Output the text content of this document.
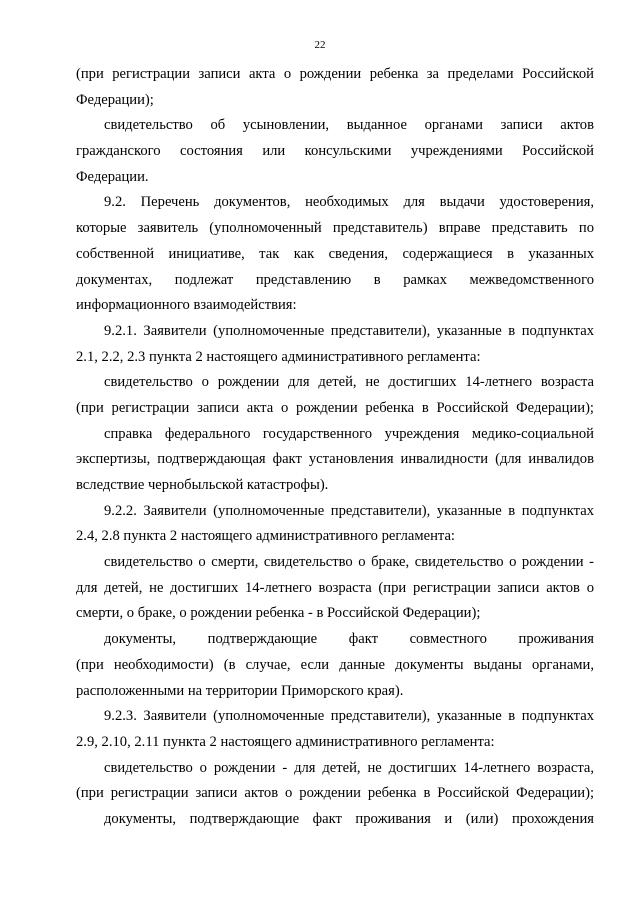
22
(при регистрации записи акта о рождении ребенка за пределами Российской
Федерации);
свидетельство об усыновлении, выданное органами записи актов
гражданского состояния или консульскими учреждениями Российской
Федерации.
9.2. Перечень документов, необходимых для выдачи удостоверения,
которые заявитель (уполномоченный представитель) вправе представить по
собственной инициативе, так как сведения, содержащиеся в указанных
документах, подлежат представлению в рамках межведомственного
информационного взаимодействия:
9.2.1. Заявители (уполномоченные представители), указанные в подпунктах
2.1, 2.2, 2.3 пункта 2 настоящего административного регламента:
свидетельство о рождении для детей, не достигших 14-летнего возраста
(при регистрации записи акта о рождении ребенка в Российской Федерации);
справка федерального государственного учреждения медико-социальной
экспертизы, подтверждающая факт установления инвалидности (для инвалидов
вследствие чернобыльской катастрофы).
9.2.2. Заявители (уполномоченные представители), указанные в подпунктах
2.4, 2.8 пункта 2 настоящего административного регламента:
свидетельство о смерти, свидетельство о браке, свидетельство о рождении -
для детей, не достигших 14-летнего возраста (при регистрации записи актов о
смерти, о браке, о рождении ребенка - в Российской Федерации);
документы, подтверждающие факт совместного проживания
(при необходимости) (в случае, если данные документы выданы органами,
расположенными на территории Приморского края).
9.2.3. Заявители (уполномоченные представители), указанные в подпунктах
2.9, 2.10, 2.11 пункта 2 настоящего административного регламента:
свидетельство о рождении - для детей, не достигших 14-летнего возраста,
(при регистрации записи актов о рождении ребенка в Российской Федерации);
документы, подтверждающие факт проживания и (или) прохождения
